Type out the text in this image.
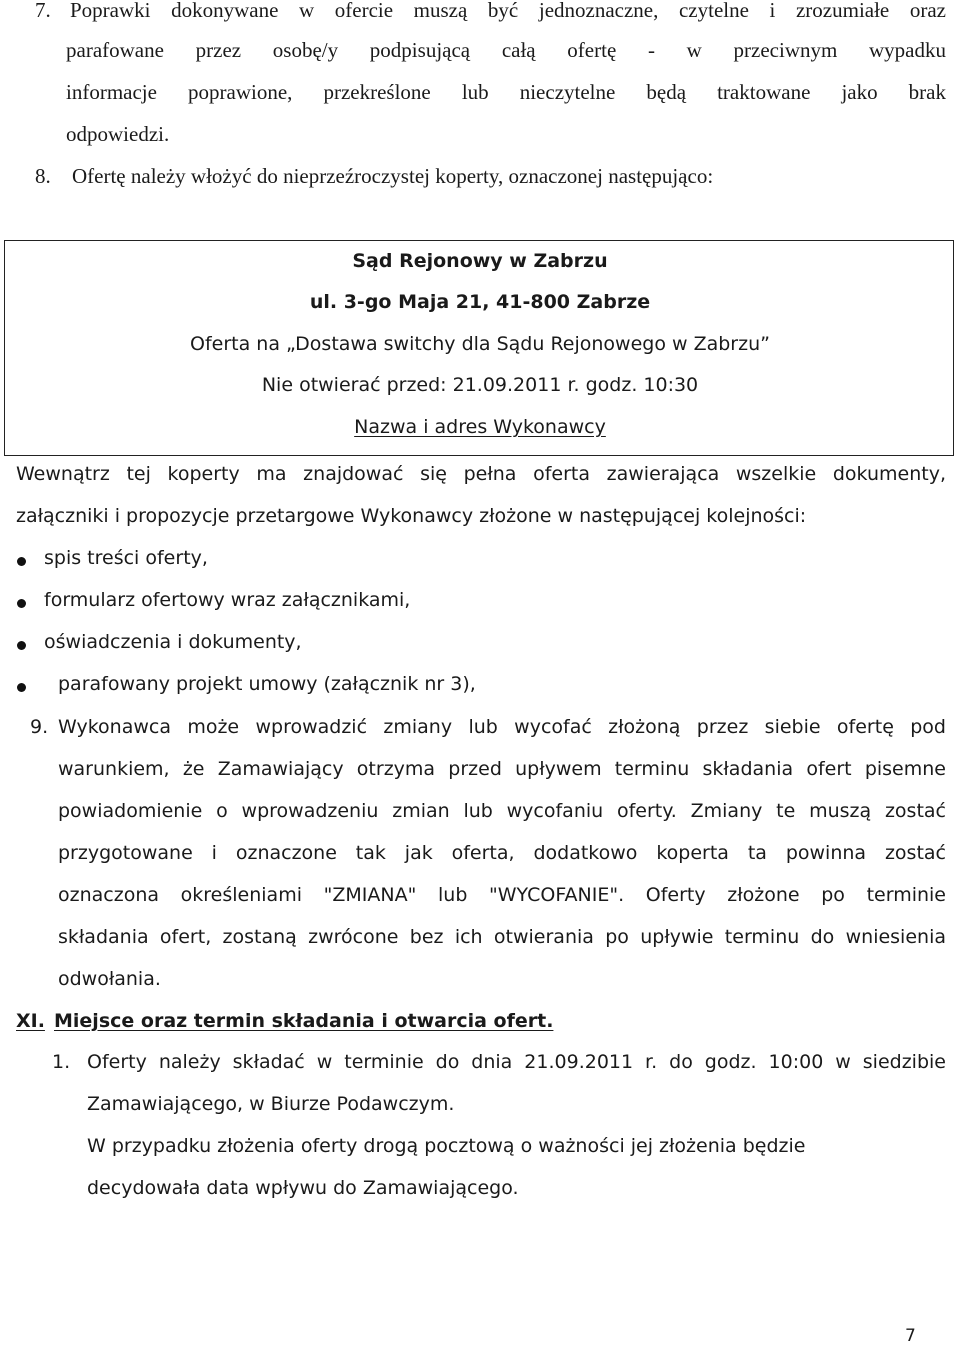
7. Poprawki dokonywane w ofercie muszą być jednoznaczne, czytelne i zrozumiałe oraz
parafowane przez osobę/y podpisującą całą ofertę - w przeciwnym wypadku
informacje poprawione, przekreślone lub nieczytelne będą traktowane jako brak
odpowiedzi.
8. Ofertę należy włożyć do nieprzeźroczystej koperty, oznaczonej następująco:
Sąd Rejonowy w Zabrzu
ul. 3-go Maja 21, 41-800 Zabrze
Oferta na „Dostawa switchy dla Sądu Rejonowego w Zabrzu”
Nie otwierać przed: 21.09.2011 r. godz. 10:30
Nazwa i adres Wykonawcy
Wewnątrz tej koperty ma znajdować się pełna oferta zawierająca wszelkie dokumenty,
załączniki i propozycje przetargowe Wykonawcy złożone w następującej kolejności:
spis treści oferty,
formularz ofertowy wraz załącznikami,
oświadczenia i dokumenty,
parafowany projekt umowy (załącznik nr 3),
9. Wykonawca może wprowadzić zmiany lub wycofać złożoną przez siebie ofertę pod
warunkiem, że Zamawiający otrzyma przed upływem terminu składania ofert pisemne
powiadomienie o wprowadzeniu zmian lub wycofaniu oferty. Zmiany te muszą zostać
przygotowane i oznaczone tak jak oferta, dodatkowo koperta ta powinna zostać
oznaczona określeniami "ZMIANA" lub "WYCOFANIE". Oferty złożone po terminie
składania ofert, zostaną zwrócone bez ich otwierania po upływie terminu do wniesienia
odwołania.
XI. Miejsce oraz termin składania i otwarcia ofert.
1. Oferty należy składać w terminie do dnia 21.09.2011 r. do godz. 10:00 w siedzibie
Zamawiającego, w Biurze Podawczym.
W przypadku złożenia oferty drogą pocztową o ważności jej złożenia będzie
decydowała data wpływu do Zamawiającego.
7
